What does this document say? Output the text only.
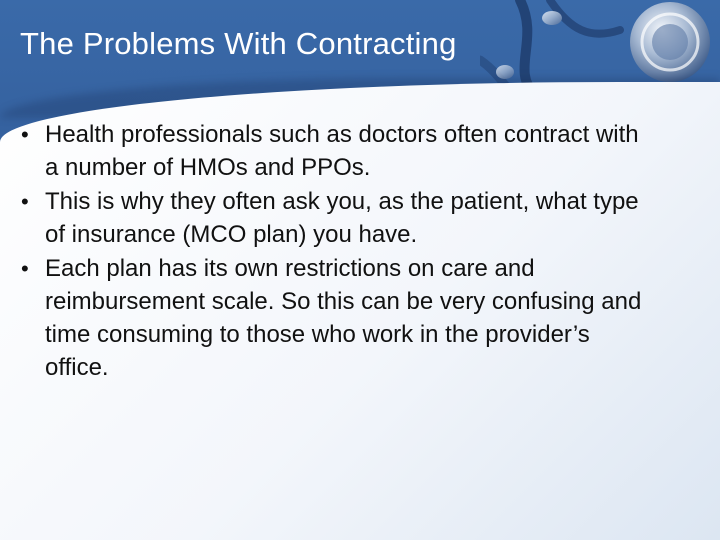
The Problems With Contracting
• Health professionals such as doctors often contract with a number of HMOs and PPOs.
• This is why they often ask you, as the patient, what type of insurance (MCO plan) you have.
• Each plan has its own restrictions on care and reimbursement scale. So this can be very confusing and time consuming to those who work in the provider’s office.
